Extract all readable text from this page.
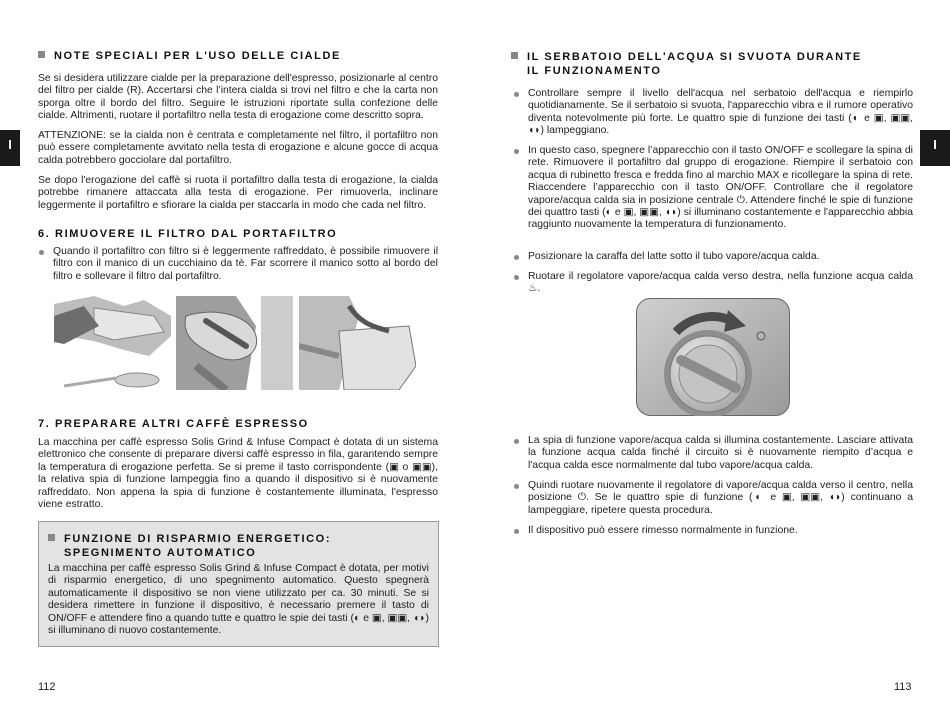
I
NOTE SPECIALI PER L'USO DELLE CIALDE
Se si desidera utilizzare cialde per la preparazione dell'espresso, posizionarle al centro del filtro per cialde (R). Accertarsi che l’intera cialda si trovi nel filtro e che la carta non sporga oltre il bordo del filtro. Seguire le istruzioni riportate sulla confezione delle cialde. Altrimenti, ruotare il portafiltro nella testa di erogazione come descritto sopra.
ATTENZIONE: se la cialda non è centrata e completamente nel filtro, il portafiltro non può essere completamente avvitato nella testa di erogazione e alcune gocce di acqua calda potrebbero gocciolare dal portafiltro.
Se dopo l'erogazione del caffè si ruota il portafiltro dalla testa di erogazione, la cialda potrebbe rimanere attaccata alla testa di erogazione. Per rimuoverla, inclinare leggermente il portafiltro e sfiorare la cialda per staccarla in modo che cada nel filtro.
6. RIMUOVERE IL FILTRO DAL PORTAFILTRO
Quando il portafiltro con filtro si è leggermente raffreddato, è possibile rimuovere il filtro con il manico di un cucchiaino da tè. Far scorrere il manico sotto al bordo del filtro e sollevare il filtro dal portafiltro.
7. PREPARARE ALTRI CAFFÈ ESPRESSO
La macchina per caffè espresso Solis Grind & Infuse Compact è dotata di un sistema elettronico che consente di preparare diversi caffè espresso in fila, garantendo sempre la temperatura di erogazione perfetta. Se si preme il tasto corrispondente (▣ o ▣▣), la relativa spia di funzione lampeggia fino a quando il dispositivo si è nuovamente raffreddato. Non appena la spia di funzione è costantemente illuminata, l'espresso viene estratto.
FUNZIONE DI RISPARMIO ENERGETICO:
SPEGNIMENTO AUTOMATICO
La macchina per caffè espresso Solis Grind & Infuse Compact è dotata, per motivi di risparmio energetico, di uno spegnimento automatico. Questo spegnerà automaticamente il dispositivo se non viene utilizzato per ca. 30 minuti. Se si desidera rimettere in funzione il dispositivo, è necessario premere il tasto di ON/OFF e attendere fino a quando tutte e quattro le spie dei tasti (◐ e ▣, ▣▣, ◖◗) si illuminano di nuovo costantemente.
112
I
IL SERBATOIO DELL'ACQUA SI SVUOTA DURANTE
IL FUNZIONAMENTO
Controllare sempre il livello dell'acqua nel serbatoio dell'acqua e riempirlo quotidianamente. Se il serbatoio si svuota, l'apparecchio vibra e il rumore operativo diventa notevolmente più forte. Le quattro spie di funzione dei tasti (◐ e ▣, ▣▣, ◖◗) lampeggiano.
In questo caso, spegnere l’apparecchio con il tasto ON/OFF e scollegare la spina di rete. Rimuovere il portafiltro dal gruppo di erogazione. Riempire il serbatoio con acqua di rubinetto fresca e fredda fino al marchio MAX e ricollegare la spina di rete. Riaccendere l’apparecchio con il tasto ON/OFF. Controllare che il regolatore vapore/acqua calda sia in posizione centrale ⏻. Attendere finché le spie di funzione dei quattro tasti (◐ e ▣, ▣▣, ◖◗) si illuminano costantemente e l'apparecchio abbia raggiunto nuovamente la temperatura di funzionamento.
Posizionare la caraffa del latte sotto il tubo vapore/acqua calda.
Ruotare il regolatore vapore/acqua calda verso destra, nella funzione acqua calda ♨.
La spia di funzione vapore/acqua calda si illumina costantemente. Lasciare attivata la funzione acqua calda finché il circuito si è nuovamente riempito d’acqua e l'acqua calda esce normalmente dal tubo vapore/acqua calda.
Quindi ruotare nuovamente il regolatore di vapore/acqua calda verso il centro, nella posizione ⏻. Se le quattro spie di funzione (◐ e ▣, ▣▣, ◖◗) continuano a lampeggiare, ripetere questa procedura.
Il dispositivo può essere rimesso normalmente in funzione.
113
